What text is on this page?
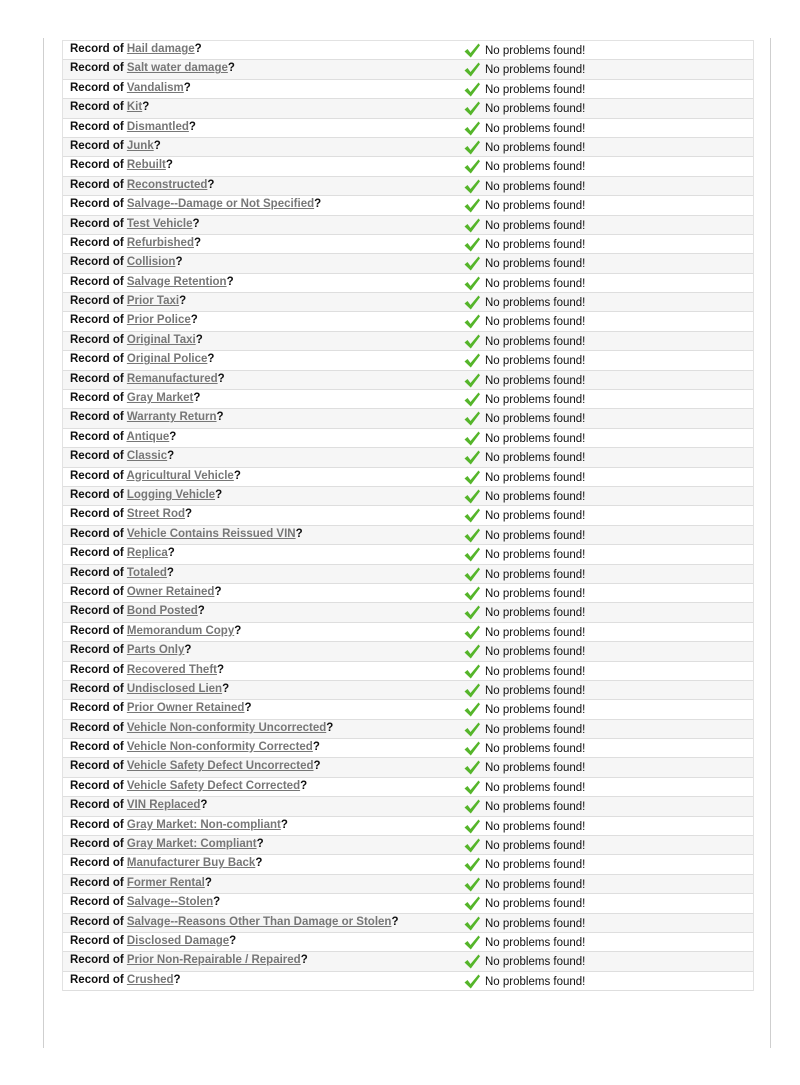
Record of Hail damage?	No problems found!
Record of Salt water damage?	No problems found!
Record of Vandalism?	No problems found!
Record of Kit?	No problems found!
Record of Dismantled?	No problems found!
Record of Junk?	No problems found!
Record of Rebuilt?	No problems found!
Record of Reconstructed?	No problems found!
Record of Salvage--Damage or Not Specified?	No problems found!
Record of Test Vehicle?	No problems found!
Record of Refurbished?	No problems found!
Record of Collision?	No problems found!
Record of Salvage Retention?	No problems found!
Record of Prior Taxi?	No problems found!
Record of Prior Police?	No problems found!
Record of Original Taxi?	No problems found!
Record of Original Police?	No problems found!
Record of Remanufactured?	No problems found!
Record of Gray Market?	No problems found!
Record of Warranty Return?	No problems found!
Record of Antique?	No problems found!
Record of Classic?	No problems found!
Record of Agricultural Vehicle?	No problems found!
Record of Logging Vehicle?	No problems found!
Record of Street Rod?	No problems found!
Record of Vehicle Contains Reissued VIN?	No problems found!
Record of Replica?	No problems found!
Record of Totaled?	No problems found!
Record of Owner Retained?	No problems found!
Record of Bond Posted?	No problems found!
Record of Memorandum Copy?	No problems found!
Record of Parts Only?	No problems found!
Record of Recovered Theft?	No problems found!
Record of Undisclosed Lien?	No problems found!
Record of Prior Owner Retained?	No problems found!
Record of Vehicle Non-conformity Uncorrected?	No problems found!
Record of Vehicle Non-conformity Corrected?	No problems found!
Record of Vehicle Safety Defect Uncorrected?	No problems found!
Record of Vehicle Safety Defect Corrected?	No problems found!
Record of VIN Replaced?	No problems found!
Record of Gray Market: Non-compliant?	No problems found!
Record of Gray Market: Compliant?	No problems found!
Record of Manufacturer Buy Back?	No problems found!
Record of Former Rental?	No problems found!
Record of Salvage--Stolen?	No problems found!
Record of Salvage--Reasons Other Than Damage or Stolen?	No problems found!
Record of Disclosed Damage?	No problems found!
Record of Prior Non-Repairable / Repaired?	No problems found!
Record of Crushed?	No problems found!
